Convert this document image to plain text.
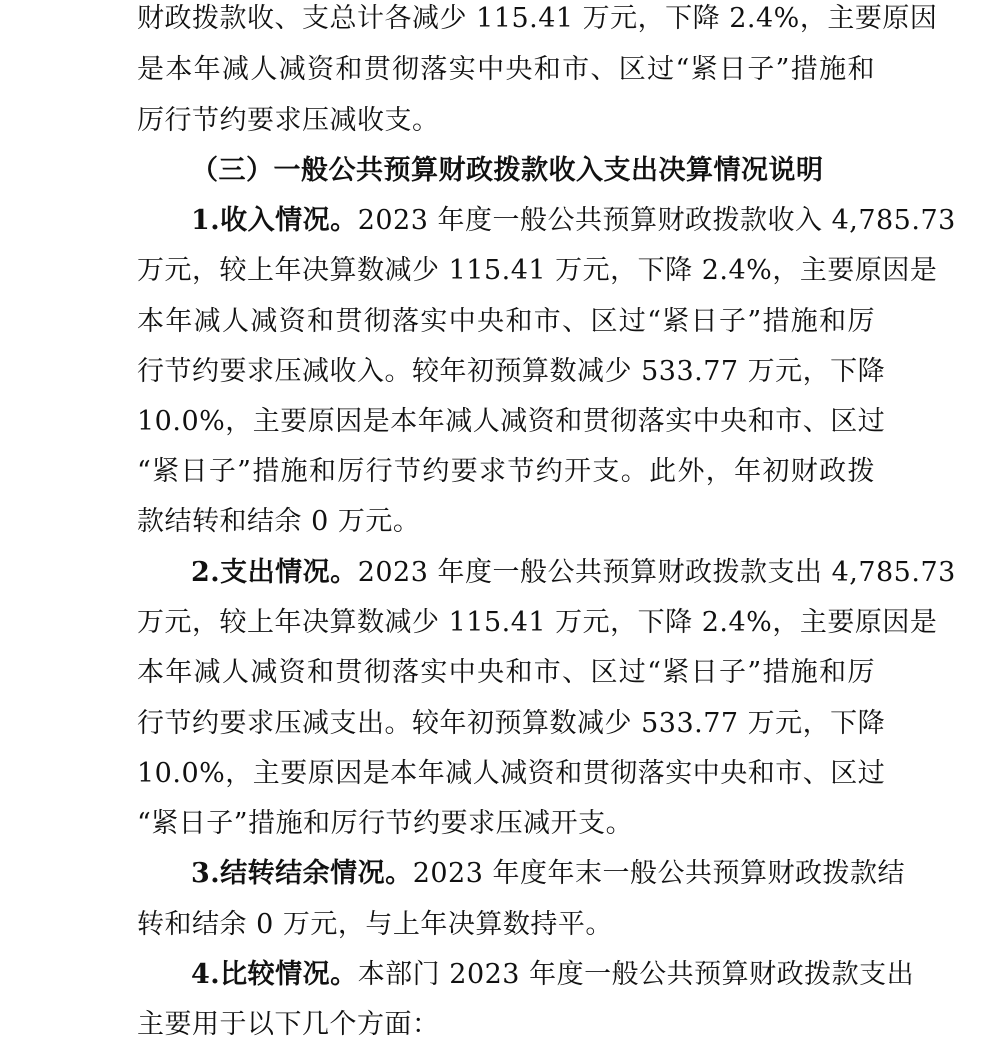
财政拨款收、支总计各减少 115.41 万元，下降 2.4%，主要原因
是本年减人减资和贯彻落实中央和市、区过“紧日子”措施和
厉行节约要求压减收支。
（三）一般公共预算财政拨款收入支出决算情况说明
1.收入情况。2023 年度一般公共预算财政拨款收入 4,785.73
万元，较上年决算数减少 115.41 万元，下降 2.4%，主要原因是
本年减人减资和贯彻落实中央和市、区过“紧日子”措施和厉
行节约要求压减收入。较年初预算数减少 533.77 万元，下降
10.0%，主要原因是本年减人减资和贯彻落实中央和市、区过
“紧日子”措施和厉行节约要求节约开支。此外，年初财政拨
款结转和结余 0 万元。
2.支出情况。2023 年度一般公共预算财政拨款支出 4,785.73
万元，较上年决算数减少 115.41 万元，下降 2.4%，主要原因是
本年减人减资和贯彻落实中央和市、区过“紧日子”措施和厉
行节约要求压减支出。较年初预算数减少 533.77 万元，下降
10.0%，主要原因是本年减人减资和贯彻落实中央和市、区过
“紧日子”措施和厉行节约要求压减开支。
3.结转结余情况。2023 年度年末一般公共预算财政拨款结
转和结余 0 万元，与上年决算数持平。
4.比较情况。本部门 2023 年度一般公共预算财政拨款支出
主要用于以下几个方面：
